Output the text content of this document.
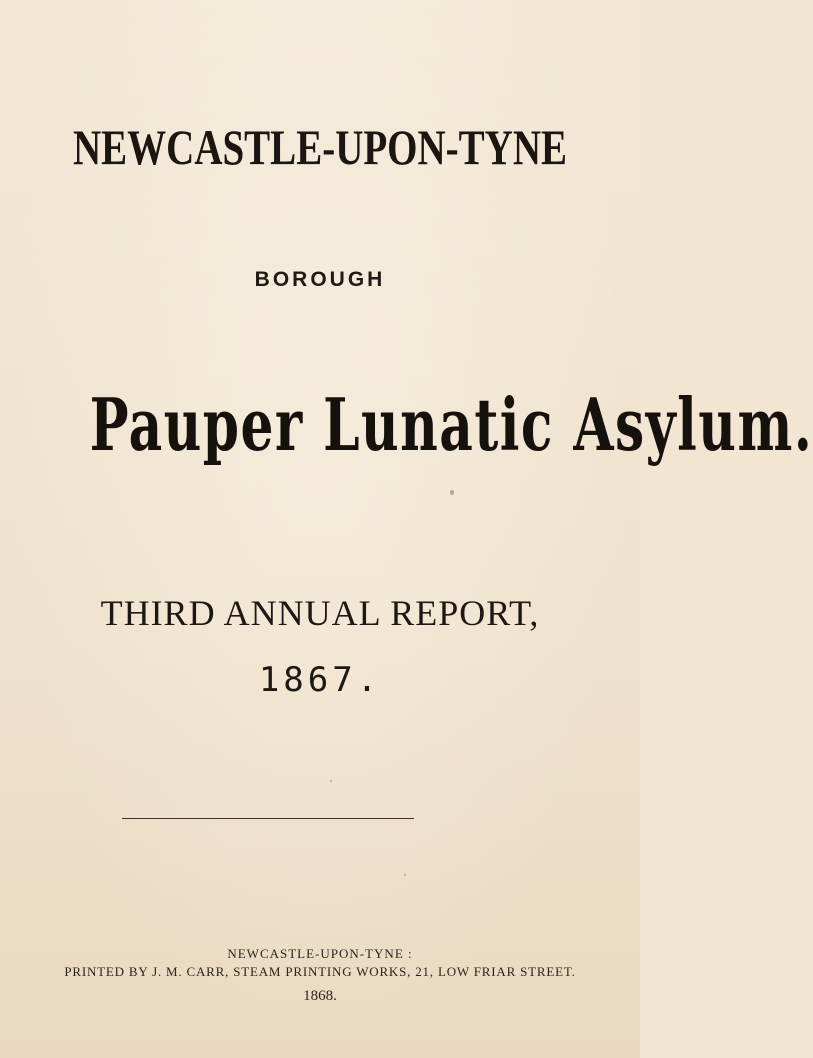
NEWCASTLE-UPON-TYNE
BOROUGH
Pauper Lunatic Asylum.
THIRD ANNUAL REPORT,
1867.
NEWCASTLE-UPON-TYNE :
PRINTED BY J. M. CARR, STEAM PRINTING WORKS, 21, LOW FRIAR STREET.
1868.
